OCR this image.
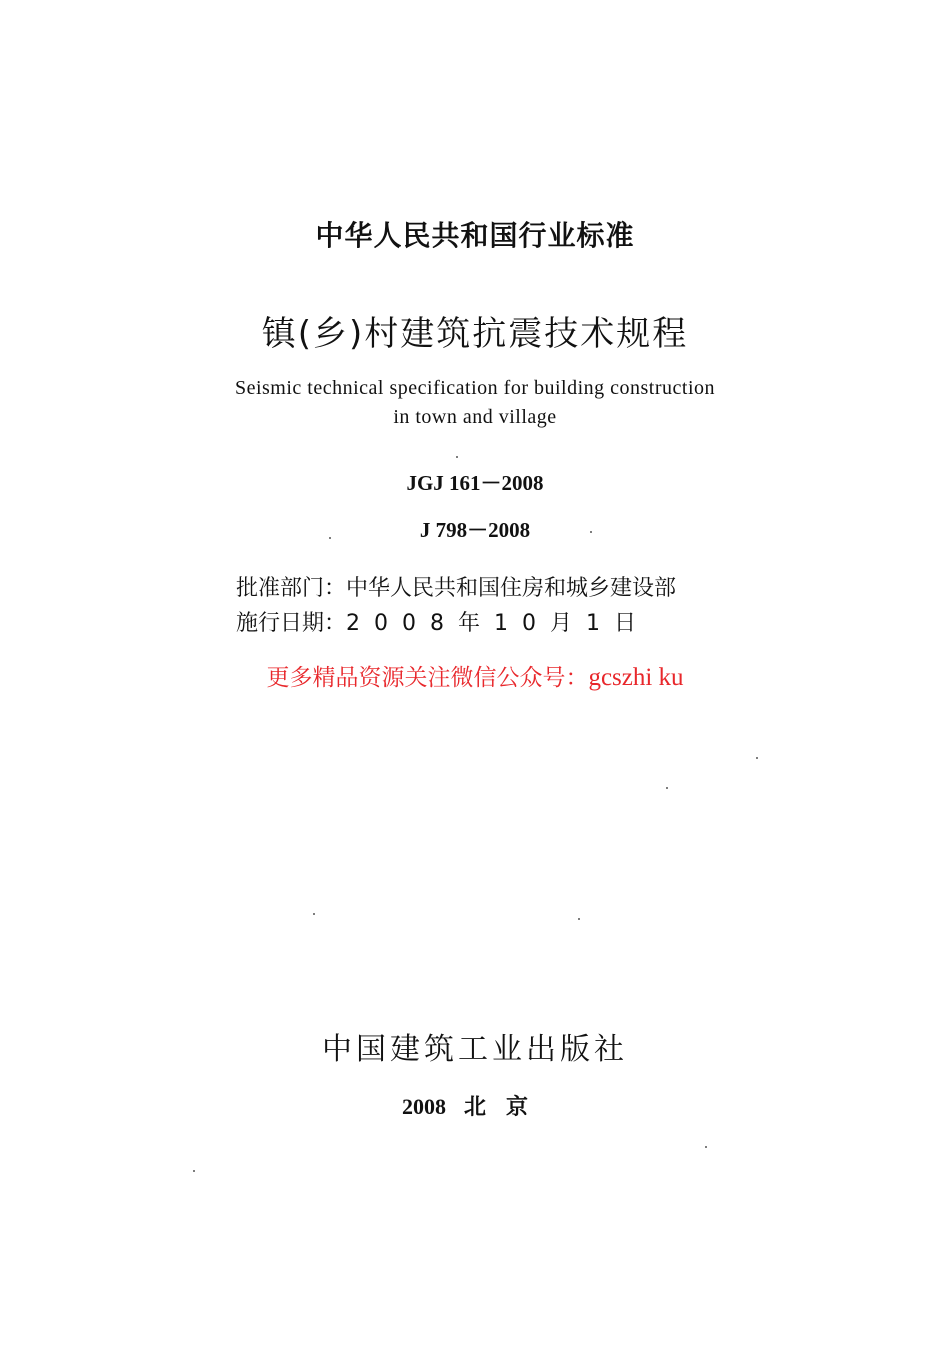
中华人民共和国行业标准
镇(乡)村建筑抗震技术规程
Seismic technical specification for building construction
in town and village
JGJ 161－2008
J 798－2008
批准部门：中华人民共和国住房和城乡建设部
施行日期：2008年10月1日
更多精品资源关注微信公众号：gcszhi ku
中国建筑工业出版社
2008 北京
